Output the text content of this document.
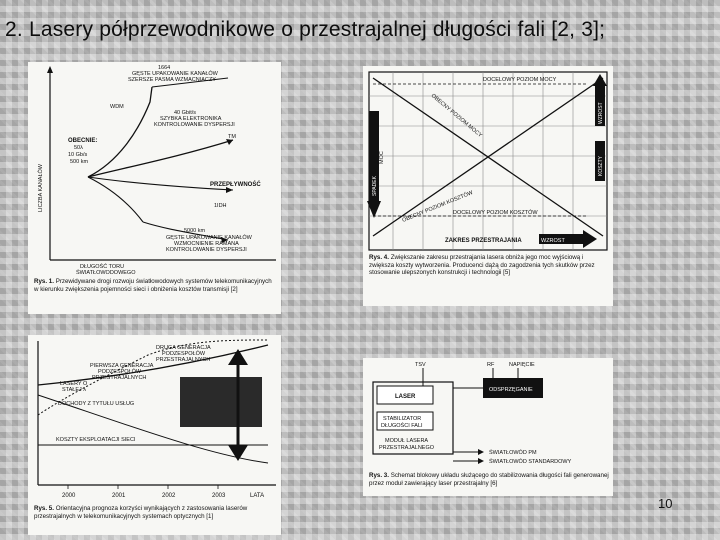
2. Lasery półprzewodnikowe o przestrajalnej długości fali [2, 3];
1664
GĘSTE UPAKOWANIE KANAŁÓW
SZERSZE PASMA WZMACNIACZY
WDM
40 Gbit/s
SZYBKA ELEKTRONIKA
KONTROLOWANIE DYSPERSJI
TM
OBECNIE:
50λ
10 Gb/s
500 km
PRZEPŁYWNOŚĆ
1IDH
5000 km
GĘSTE UPAKOWANIE KANAŁÓW
WZMOCNIENIE RAMANA
KONTROLOWANIE DYSPERSJI
LICZBA KANAŁÓW
DŁUGOŚĆ TORU
ŚWIATŁOWODOWEGO
Rys. 1. Przewidywane drogi rozwoju światłowodowych systemów telekomunikacyjnych w kierunku zwiększenia pojemności sieci i obniżenia kosztów transmisji [2]
DOCELOWY POZIOM MOCY
OBECNY POZIOM MOCY
OBECNY POZIOM KOSZTÓW
DOCELOWY POZIOM KOSZTÓW
WZROST
MOC	KOSZTY
SPADEK
ZAKRES PRZESTRAJANIA	WZROST
Rys. 4. Zwiększanie zakresu przestrajania lasera obniża jego moc wyjściową i zwiększa koszty wytworzenia. Producenci dążą do zagodzenia tych skutków przez stosowanie ulepszonych konstrukcji i technologii [5]
2000	2001	2002	2003	LATA
DRUGA GENERACJA
PODZESPOŁÓW
PRZESTRAJALNYCH
PIERWSZA GENERACJA
PODZESPOŁÓW
PRZESTRAJALNYCH
LASERY O
STAŁEJ λ
DOCHODY Z TYTUŁU USŁUG
KOSZTY EKSPLOATACJI SIECI
Rys. 5. Orientacyjna prognoza korzyści wynikających z zastosowania laserów przestrajalnych w telekomunikacyjnych systemach optycznych [1]
TSV	RF	NAPIĘCIE
ODSPRZĘGANIE
LASER
STABILIZATOR
DŁUGOŚCI FALI
MODUŁ LASERA
PRZESTRAJALNEGO
ŚWIATŁOWÓD PM
ŚWIATŁOWÓD STANDARDOWY
Rys. 3. Schemat blokowy układu służącego do stabilizowania długości fali generowanej przez moduł zawierający laser przestrajalny [6]
10
